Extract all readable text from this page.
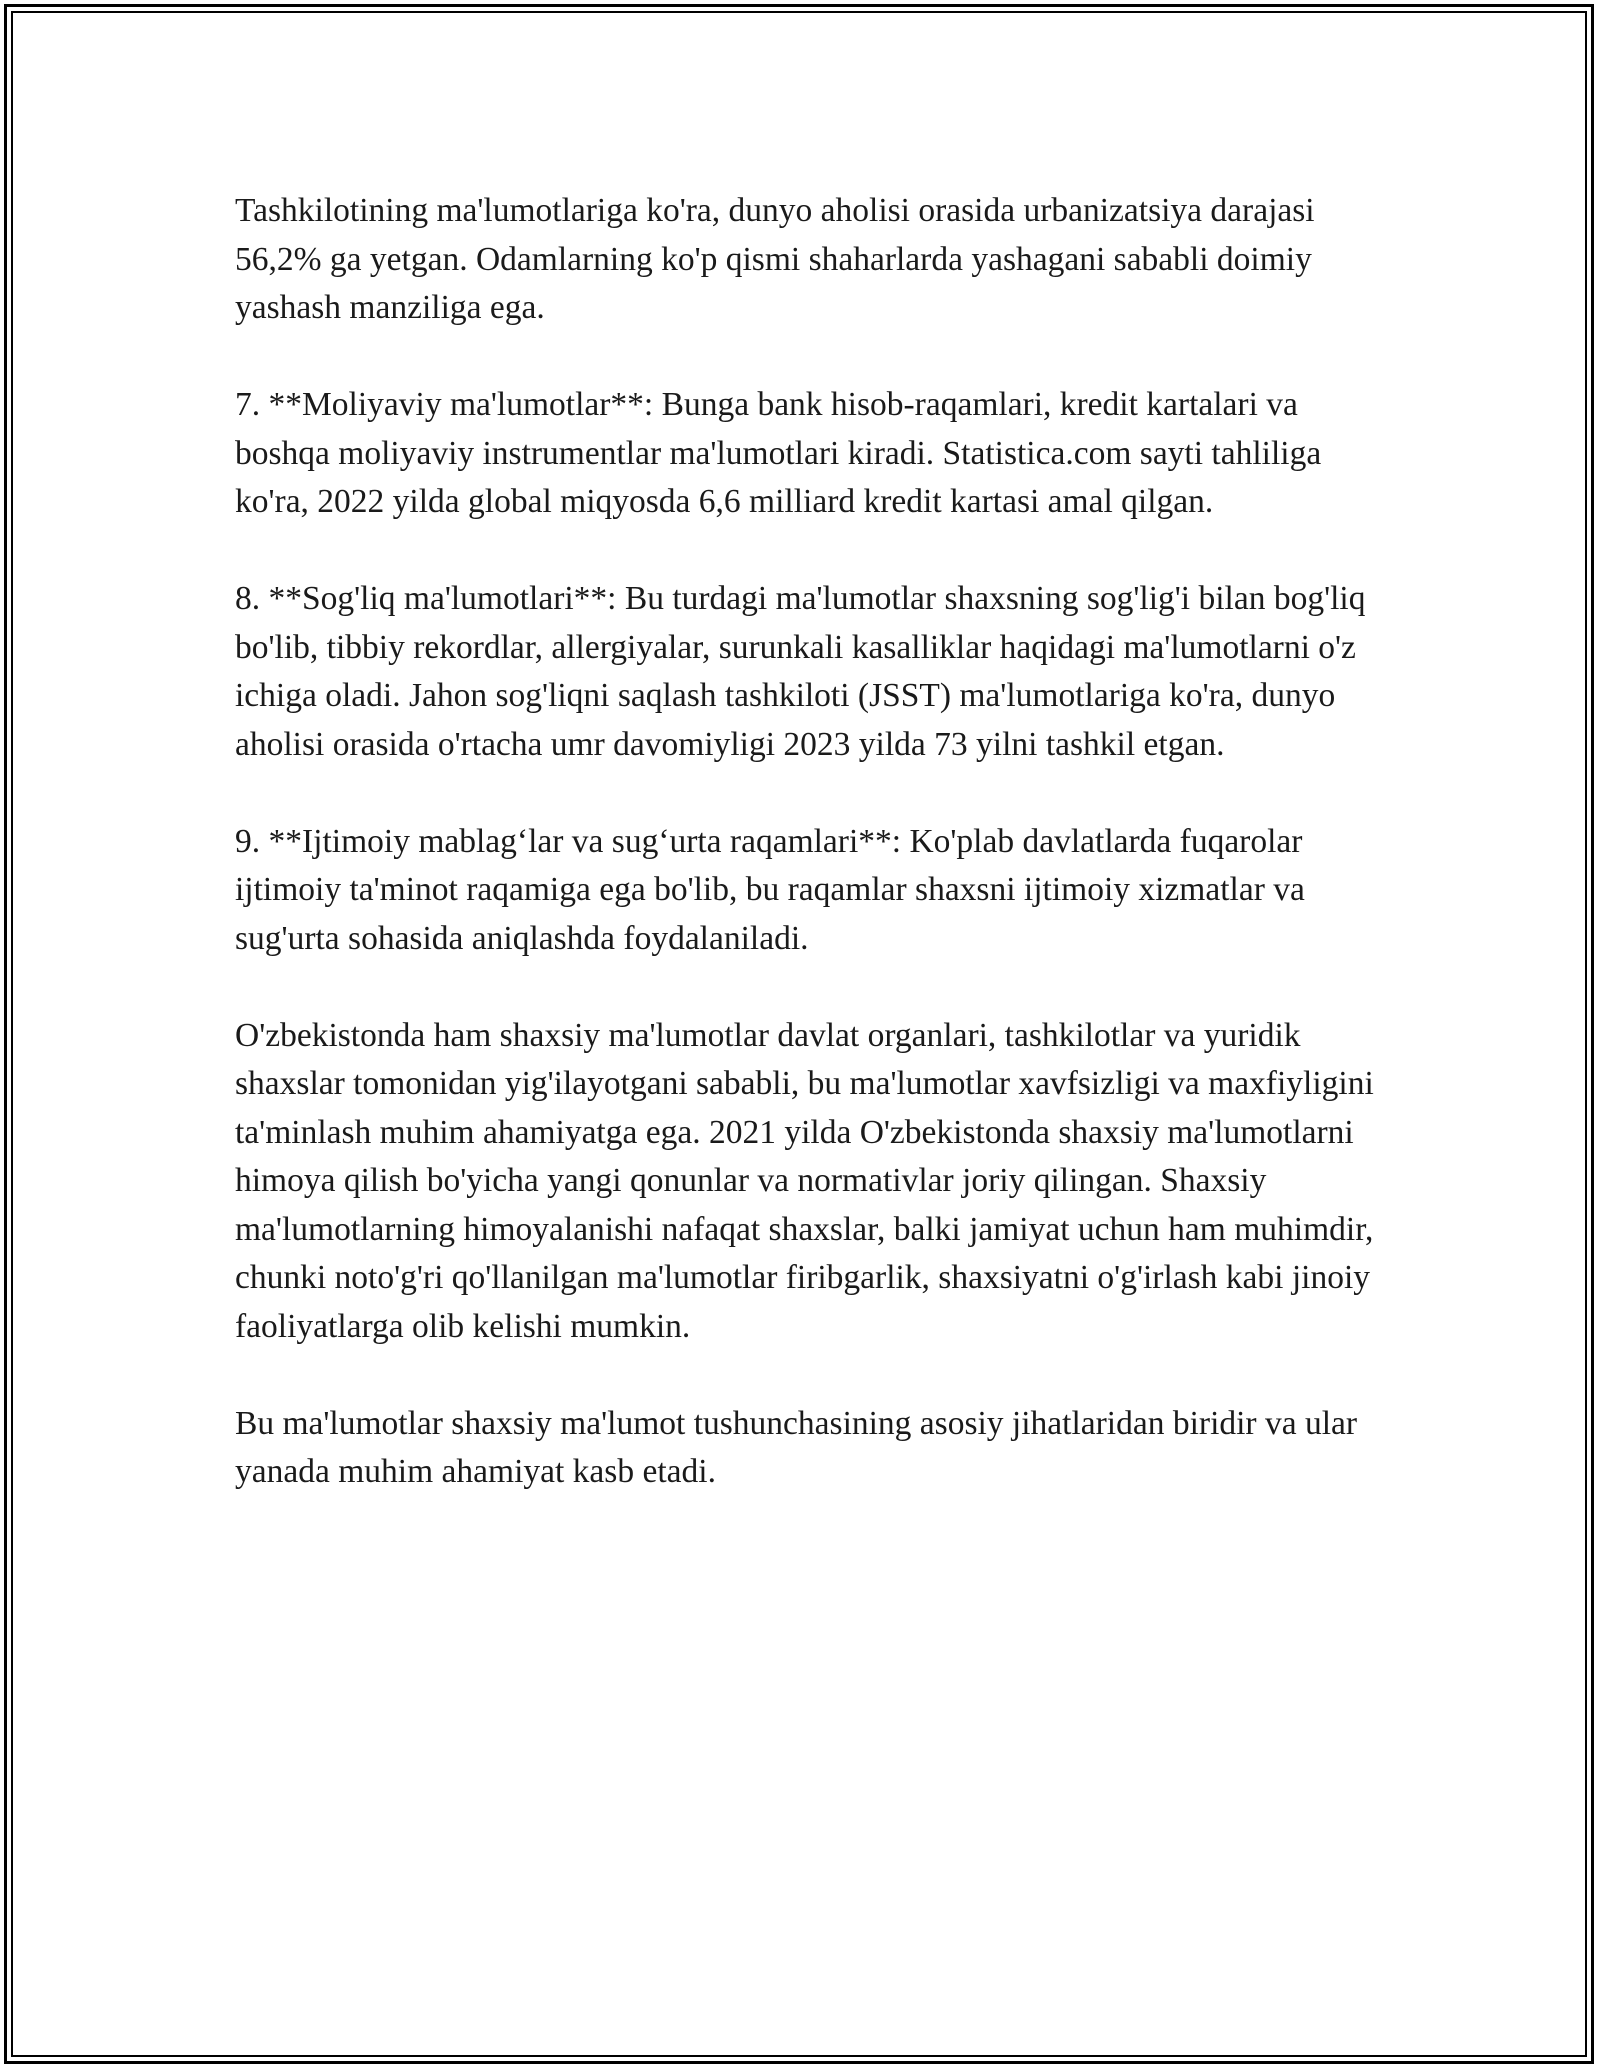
Tashkilotining ma'lumotlariga ko'ra, dunyo aholisi orasida urbanizatsiya darajasi 56,2% ga yetgan. Odamlarning ko'p qismi shaharlarda yashagani sababli doimiy yashash manziliga ega.

7. **Moliyaviy ma'lumotlar**: Bunga bank hisob-raqamlari, kredit kartalari va boshqa moliyaviy instrumentlar ma'lumotlari kiradi. Statistica.com sayti tahliliga ko'ra, 2022 yilda global miqyosda 6,6 milliard kredit kartasi amal qilgan.

8. **Sog'liq ma'lumotlari**: Bu turdagi ma'lumotlar shaxsning sog'lig'i bilan bog'liq bo'lib, tibbiy rekordlar, allergiyalar, surunkali kasalliklar haqidagi ma'lumotlarni o'z ichiga oladi. Jahon sog'liqni saqlash tashkiloti (JSST) ma'lumotlariga ko'ra, dunyo aholisi orasida o'rtacha umr davomiyligi 2023 yilda 73 yilni tashkil etgan.

9. **Ijtimoiy mablag‘lar va sug‘urta raqamlari**: Ko'plab davlatlarda fuqarolar ijtimoiy ta'minot raqamiga ega bo'lib, bu raqamlar shaxsni ijtimoiy xizmatlar va sug'urta sohasida aniqlashda foydalaniladi.

O'zbekistonda ham shaxsiy ma'lumotlar davlat organlari, tashkilotlar va yuridik shaxslar tomonidan yig'ilayotgani sababli, bu ma'lumotlar xavfsizligi va maxfiyligini ta'minlash muhim ahamiyatga ega. 2021 yilda O'zbekistonda shaxsiy ma'lumotlarni himoya qilish bo'yicha yangi qonunlar va normativlar joriy qilingan. Shaxsiy ma'lumotlarning himoyalanishi nafaqat shaxslar, balki jamiyat uchun ham muhimdir, chunki noto'g'ri qo'llanilgan ma'lumotlar firibgarlik, shaxsiyatni o'g'irlash kabi jinoiy faoliyatlarga olib kelishi mumkin.

Bu ma'lumotlar shaxsiy ma'lumot tushunchasining asosiy jihatlaridan biridir va ular yanada muhim ahamiyat kasb etadi.
